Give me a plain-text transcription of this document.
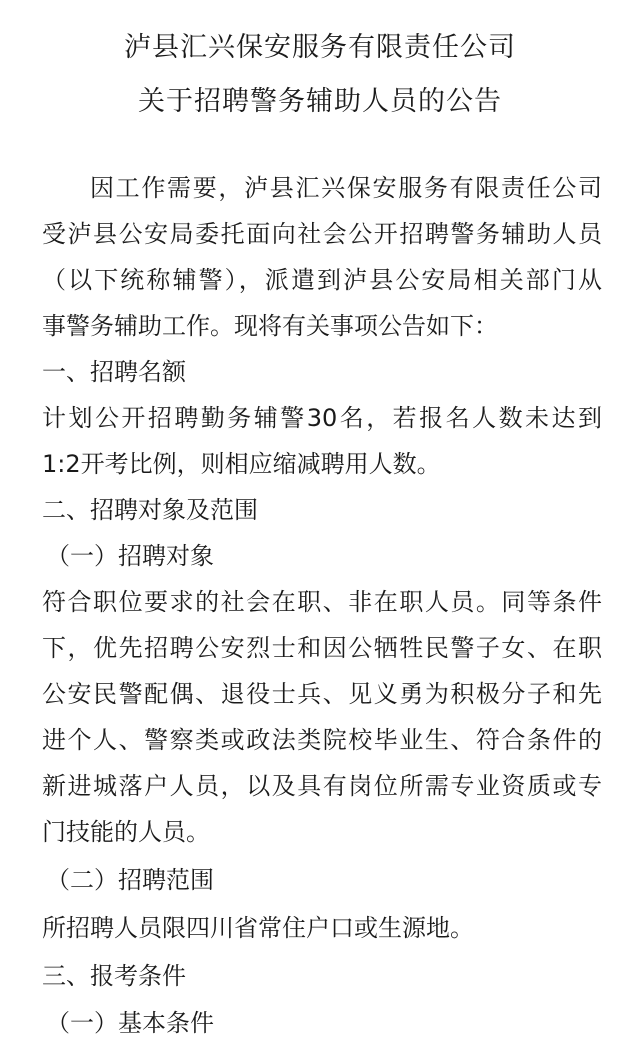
泸县汇兴保安服务有限责任公司
关于招聘警务辅助人员的公告
因工作需要，泸县汇兴保安服务有限责任公司
受泸县公安局委托面向社会公开招聘警务辅助人员
（以下统称辅警），派遣到泸县公安局相关部门从
事警务辅助工作。现将有关事项公告如下：
一、招聘名额
计划公开招聘勤务辅警30名，若报名人数未达到
1:2开考比例，则相应缩减聘用人数。
二、招聘对象及范围
（一）招聘对象
符合职位要求的社会在职、非在职人员。同等条件
下，优先招聘公安烈士和因公牺牲民警子女、在职
公安民警配偶、退役士兵、见义勇为积极分子和先
进个人、警察类或政法类院校毕业生、符合条件的
新进城落户人员，以及具有岗位所需专业资质或专
门技能的人员。
（二）招聘范围
所招聘人员限四川省常住户口或生源地。
三、报考条件
（一）基本条件
